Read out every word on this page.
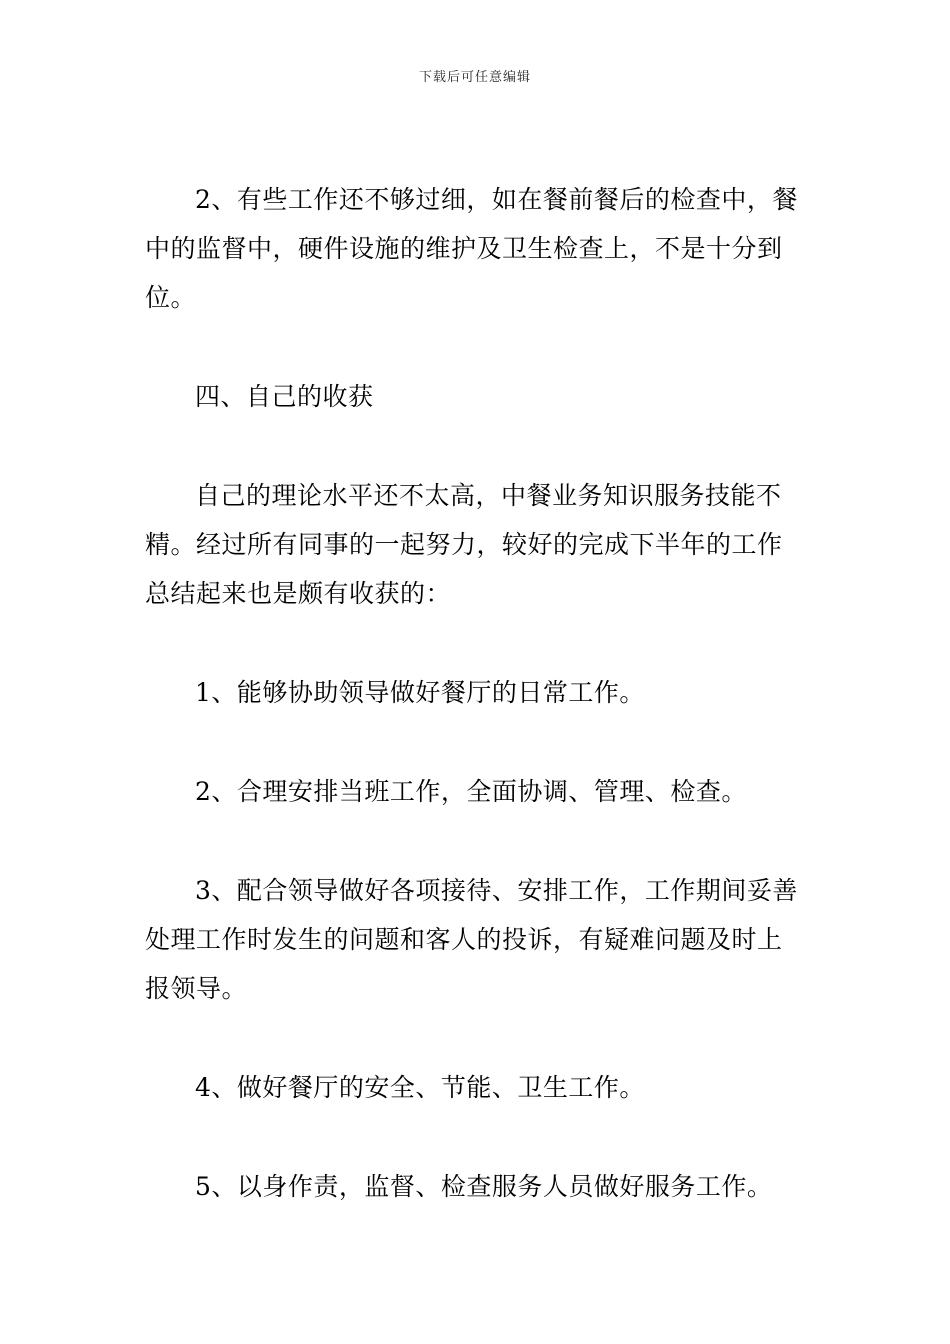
下载后可任意编辑

2、有些工作还不够过细，如在餐前餐后的检查中，餐中的监督中，硬件设施的维护及卫生检查上，不是十分到位。

四、自己的收获

自己的理论水平还不太高，中餐业务知识服务技能不精。经过所有同事的一起努力，较好的完成下半年的工作总结起来也是颇有收获的：

1、能够协助领导做好餐厅的日常工作。

2、合理安排当班工作，全面协调、管理、检查。

3、配合领导做好各项接待、安排工作，工作期间妥善处理工作时发生的问题和客人的投诉，有疑难问题及时上报领导。

4、做好餐厅的安全、节能、卫生工作。

5、以身作责，监督、检查服务人员做好服务工作。
